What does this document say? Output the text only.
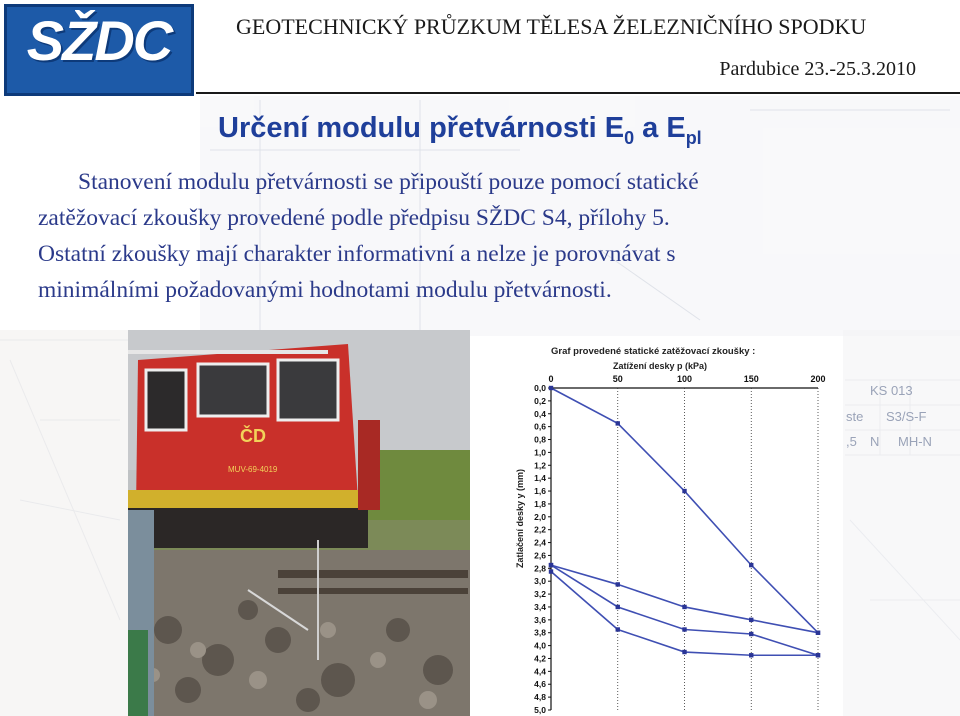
SŽDC	GEOTECHNICKÝ PRŮZKUM TĚLESA ŽELEZNIČNÍHO SPODKU
Pardubice 23.-25.3.2010
Určení modulu přetvárnosti $E_0$ a $E_{pl}$
Stanovení modulu přetvárnosti se připouští pouze pomocí statické
zatěžovací zkoušky provedené podle předpisu SŽDC S4, přílohy 5.
Ostatní zkoušky mají charakter informativní a nelze je porovnávat s
minimálními požadovanými hodnotami modulu přetvárnosti.
ČD
MUV-69-4019
KS 013
ste S3/S-F
,5 N MH-N
Graf provedené statické zatěžovací zkoušky :
Zatížení desky p (kPa)
Zatlačení desky y (mm)
0	50	100	150	200
0,0
0,2
0,4
0,6
0,8
1,0
1,2
1,4
1,6
1,8
2,0
2,2
2,4
2,6
2,8
3,0
3,2
3,4
3,6
3,8
4,0
4,2
4,4
4,6
4,8
5,0
